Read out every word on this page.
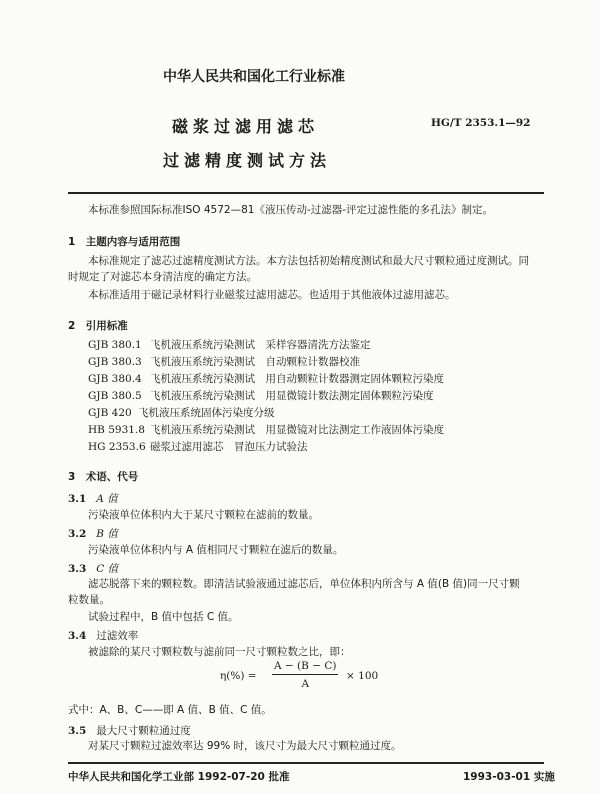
中华人民共和国化工行业标准
磁浆过滤用滤芯
过滤精度测试方法
HG/T 2353.1—92
本标准参照国际标准ISO 4572—81《液压传动-过滤器-评定过滤性能的多孔法》制定。
1　主题内容与适用范围
本标准规定了滤芯过滤精度测试方法。本方法包括初始精度测试和最大尺寸颗粒通过度测试。同
时规定了对滤芯本身清洁度的确定方法。
本标准适用于磁记录材料行业磁浆过滤用滤芯。也适用于其他液体过滤用滤芯。
2　引用标准
GJB 380.1 飞机液压系统污染测试　采样容器清洗方法鉴定
GJB 380.3 飞机液压系统污染测试　自动颗粒计数器校准
GJB 380.4 飞机液压系统污染测试　用自动颗粒计数器测定固体颗粒污染度
GJB 380.5 飞机液压系统污染测试　用显微镜计数法测定固体颗粒污染度
GJB 420 飞机液压系统固体污染度分级
HB 5931.8 飞机液压系统污染测试　用显微镜对比法测定工作液固体污染度
HG 2353.6 磁浆过滤用滤芯　冒泡压力试验法
3　术语、代号
3.1 A 值
污染液单位体积内大于某尺寸颗粒在滤前的数量。
3.2 B 值
污染液单位体积内与 A 值相同尺寸颗粒在滤后的数量。
3.3 C 值
滤芯脱落下来的颗粒数。即清洁试验液通过滤芯后，单位体积内所含与 A 值(B 值)同一尺寸颗
粒数量。
试验过程中，B 值中包括 C 值。
3.4 过滤效率
被滤除的某尺寸颗粒数与滤前同一尺寸颗粒数之比，即：
$\eta(\%) = \frac{A - (B - C)}{A} \times 100$
式中：A、B、C——即 A 值、B 值、C 值。
3.5 最大尺寸颗粒通过度
对某尺寸颗粒过滤效率达 99% 时，该尺寸为最大尺寸颗粒通过度。
中华人民共和国化学工业部 1992-07-20 批准	1993-03-01 实施
